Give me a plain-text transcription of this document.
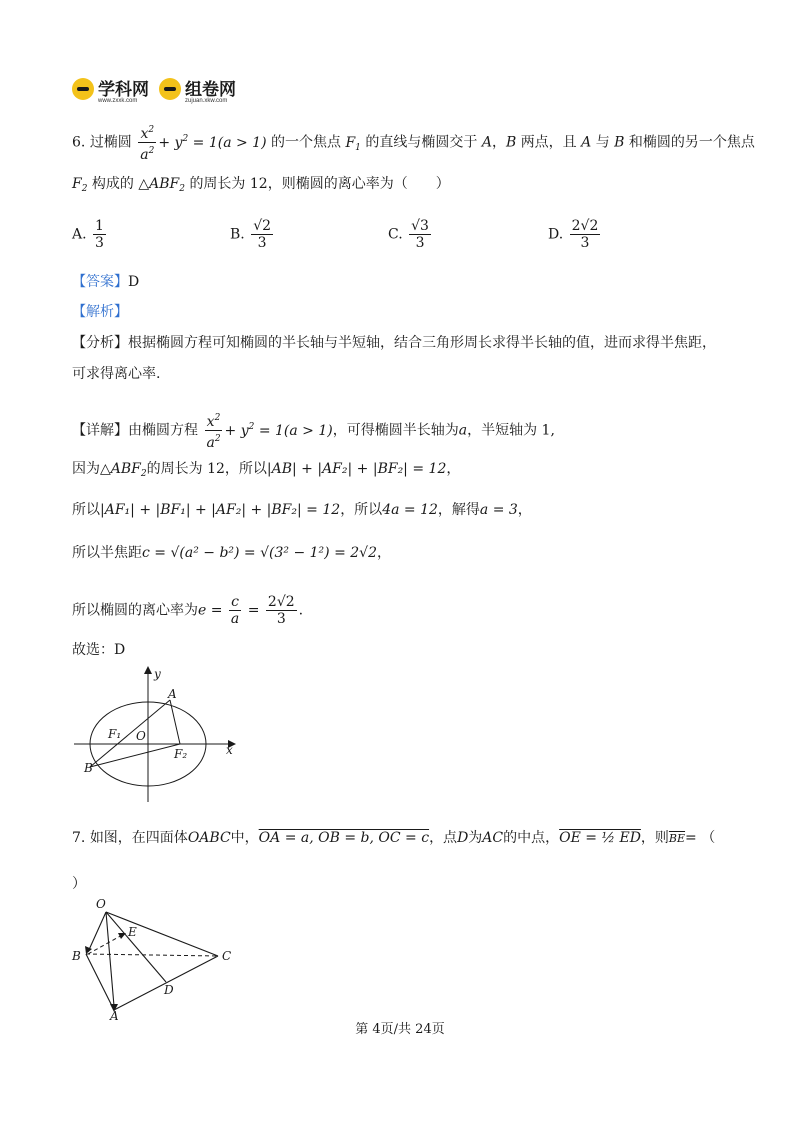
学科网
www.zxxk.com
组卷网
zujuan.xkw.com
6. 过椭圆 $\frac{x^2}{a^2} + y^2 = 1(a > 1)$ 的一个焦点 $F_1$ 的直线与椭圆交于 A，B 两点，且 A 与 B 和椭圆的另一个焦点
$F_2$ 构成的 $\triangle ABF_2$ 的周长为 12，则椭圆的离心率为（　　）
A. $\frac{1}{3}$	B. $\frac{√2}{3}$	C. $\frac{√3}{3}$	D. $\frac{2√2}{3}$
【答案】D
【解析】
【分析】根据椭圆方程可知椭圆的半长轴与半短轴，结合三角形周长求得半长轴的值，进而求得半焦距，
可求得离心率.
【详解】由椭圆方程 $\frac{x^2}{a^2} + y^2 = 1(a > 1)$，可得椭圆半长轴为a，半短轴为 1,
因为$\triangle ABF_2$的周长为 12，所以|AB| + |AF₂| + |BF₂| = 12，
所以|AF₁| + |BF₁| + |AF₂| + |BF₂| = 12，所以4a = 12，解得a = 3，
所以半焦距c = √(a² − b²) = √(3² − 1²) = 2√2，
所以椭圆的离心率为$e = \frac{c}{a} = \frac{2√2}{3}$ .
故选：D
y
x
A
B
O
F₁
F₂
7. 如图，在四面体OABC中，OA = a, OB = b, OC = c，点D为AC的中点，OE = ½ ED，则$\overline{BE}=$ （
）
O
E
B	C
D
A
第 4页/共 24页
